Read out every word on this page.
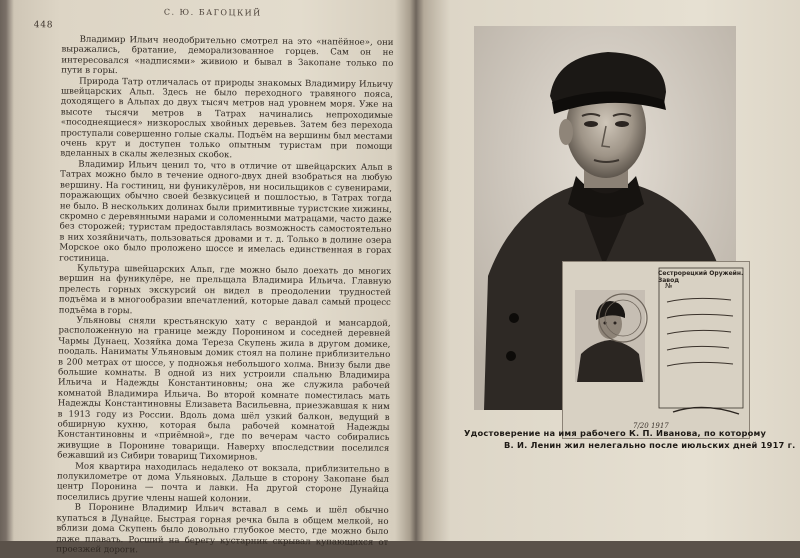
448
С. Ю. БАГОЦКИЙ

Владимир Ильич неодобрительно смотрел на это «напёйное», они выражались, братание, деморализованное горцев. Сам он не интересовался «надписями» живиою и бывал в Закопане только по пути в горы.

Природа Татр отличалась от природы знакомых Владимиру Ильичу швейцарских Альп. Здесь не было переходного травяного пояса, доходящего в Альпах до двух тысяч метров над уровнем моря. Уже на высоте тысячи метров в Татрах начинались непроходимые «посоднеящиеся» низкорослых хвойных деревьев. Затем без перехода проступали совершенно голые скалы. Подъём на вершины был местами очень крут и доступен только опытным туристам при помощи вделанных в скалы железных скобок.

Владимир Ильич ценил то, что в отличие от швейцарских Альп в Татрах можно было в течение одного-двух дней взобраться на любую вершину. На гостиниц, ни фуникулёров, ни носильщиков с сувенирами, поражающих обычно своей безвкусицей и пошлостью, в Татрах тогда не было. В нескольких долинах были примитивные туристские хижины, скромно с деревянными нарами и соломенными матрацами, часто даже без сторожей; туристам предоставлялась возможность самостоятельно в них хозяйничать, пользоваться дровами и т. д. Только в долине озера Морское око было проложено шоссе и имелась единственная в горах гостиница.

Культура швейцарских Альп, где можно было доехать до многих вершин на фуникулёре, не прельщала Владимира Ильича. Главную прелесть горных экскурсий он видел в преодолении трудностей подъёма и в многообразии впечатлений, которые давал самый процесс подъёма в горы.

Ульяновы сняли крестьянскую хату с верандой и мансардой, расположенную на границе между Поронином и соседней деревней Чармы Дунаец. Хозяйка дома Тереза Скупень жила в другом домике, поодаль. Наниматы Ульяновым домик стоял на полине приблизительно в 200 метрах от шоссе, у подножья небольшого холма. Внизу были две большие комнаты. В одной из них устроили спальню Владимира Ильича и Надежды Константиновны; она же служила рабочей комнатой Владимира Ильича. Во второй комнате поместилась мать Надежды Константиновны Елизавета Васильевна, приезжавшая к ним в 1913 году из России. Вдоль дома шёл узкий балкон, ведущий в обширную кухню, которая была рабочей комнатой Надежды Константиновны и «приёмной», где по вечерам часто собирались живущие в Поронине товарищи. Наверху впоследствии поселился бежавший из Сибири товарищ Тихомирнов.

Моя квартира находилась недалеко от вокзала, приблизительно в полукилометре от дома Ульяновых. Дальше в сторону Закопане был центр Поронина — почта и лавки. На другой стороне Дунайца поселились другие члены нашей колонии.

В Поронине Владимир Ильич вставал в семь и шёл обычно купаться в Дунайце. Быстрая горная речка была в общем мелкой, но вблизи дома Скупень было довольно глубокое место, где можно было даже плавать. Росший на берегу кустарник скрывал купающихся от проезжей дороги.

Сестрорецкий Оружейн. Завод
№
7/20 1917
Удостоверение на имя рабочего К. П. Иванова, по которому
В. И. Ленин жил нелегально после июльских дней 1917 г.
